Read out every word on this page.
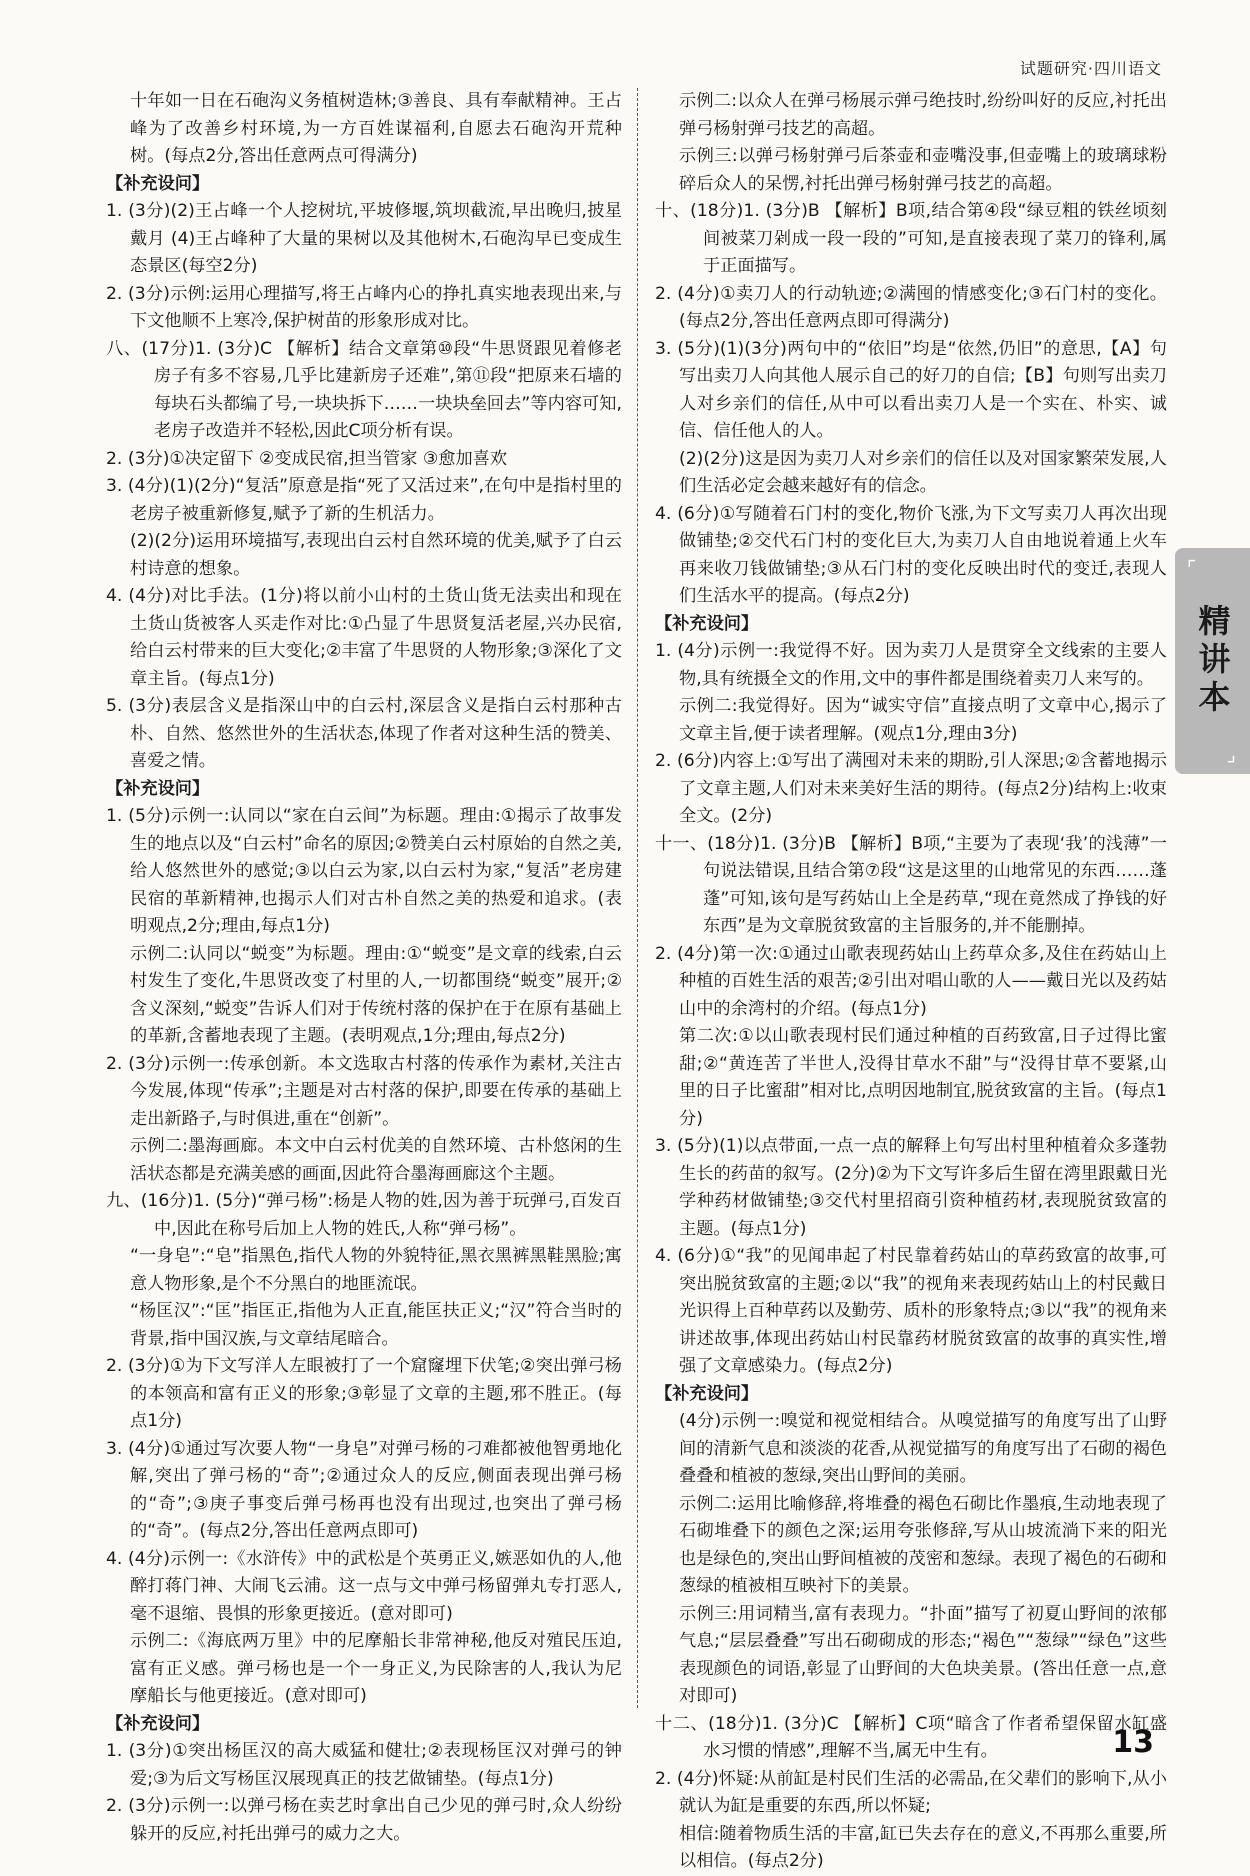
试题研究·四川语文

十年如一日在石砲沟义务植树造林;③善良、具有奉献精神。王占峰为了改善乡村环境,为一方百姓谋福利,自愿去石砲沟开荒种树。(每点2分,答出任意两点可得满分)

【补充设问】

1. (3分)(2)王占峰一个人挖树坑,平坡修堰,筑坝截流,早出晚归,披星戴月 (4)王占峰种了大量的果树以及其他树木,石砲沟早已变成生态景区(每空2分)

2. (3分)示例:运用心理描写,将王占峰内心的挣扎真实地表现出来,与下文他顺不上寒冷,保护树苗的形象形成对比。

八、(17分)1. (3分)C 【解析】结合文章第⑩段“牛思贤跟见着修老房子有多不容易,几乎比建新房子还难”,第⑪段“把原来石墙的每块石头都编了号,一块块拆下……一块块垒回去”等内容可知,老房子改造并不轻松,因此C项分析有误。

2. (3分)①决定留下 ②变成民宿,担当管家 ③愈加喜欢

3. (4分)(1)(2分)“复活”原意是指“死了又活过来”,在句中是指村里的老房子被重新修复,赋予了新的生机活力。

(2)(2分)运用环境描写,表现出白云村自然环境的优美,赋予了白云村诗意的想象。

4. (4分)对比手法。(1分)将以前小山村的土货山货无法卖出和现在土货山货被客人买走作对比:①凸显了牛思贤复活老屋,兴办民宿,给白云村带来的巨大变化;②丰富了牛思贤的人物形象;③深化了文章主旨。(每点1分)

5. (3分)表层含义是指深山中的白云村,深层含义是指白云村那种古朴、自然、悠然世外的生活状态,体现了作者对这种生活的赞美、喜爱之情。

【补充设问】

1. (5分)示例一:认同以“家在白云间”为标题。理由:①揭示了故事发生的地点以及“白云村”命名的原因;②赞美白云村原始的自然之美,给人悠然世外的感觉;③以白云为家,以白云村为家,“复活”老房建民宿的革新精神,也揭示人们对古朴自然之美的热爱和追求。(表明观点,2分;理由,每点1分)

示例二:认同以“蜕变”为标题。理由:①“蜕变”是文章的线索,白云村发生了变化,牛思贤改变了村里的人,一切都围绕“蜕变”展开;②含义深刻,“蜕变”告诉人们对于传统村落的保护在于在原有基础上的革新,含蓄地表现了主题。(表明观点,1分;理由,每点2分)

2. (3分)示例一:传承创新。本文选取古村落的传承作为素材,关注古今发展,体现“传承”;主题是对古村落的保护,即要在传承的基础上走出新路子,与时俱进,重在“创新”。

示例二:墨海画廊。本文中白云村优美的自然环境、古朴悠闲的生活状态都是充满美感的画面,因此符合墨海画廊这个主题。

九、(16分)1. (5分)“弹弓杨”:杨是人物的姓,因为善于玩弹弓,百发百中,因此在称号后加上人物的姓氏,人称“弹弓杨”。

“一身皂”:“皂”指黑色,指代人物的外貌特征,黑衣黑裤黑鞋黑脸;寓意人物形象,是个不分黑白的地匪流氓。

“杨匡汉”:“匡”指匡正,指他为人正直,能匡扶正义;“汉”符合当时的背景,指中国汉族,与文章结尾暗合。

2. (3分)①为下文写洋人左眼被打了一个窟窿埋下伏笔;②突出弹弓杨的本领高和富有正义的形象;③彰显了文章的主题,邪不胜正。(每点1分)

3. (4分)①通过写次要人物“一身皂”对弹弓杨的刁难都被他智勇地化解,突出了弹弓杨的“奇”;②通过众人的反应,侧面表现出弹弓杨的“奇”;③庚子事变后弹弓杨再也没有出现过,也突出了弹弓杨的“奇”。(每点2分,答出任意两点即可)

4. (4分)示例一:《水浒传》中的武松是个英勇正义,嫉恶如仇的人,他醉打蒋门神、大闹飞云浦。这一点与文中弹弓杨留弹丸专打恶人,毫不退缩、畏惧的形象更接近。(意对即可)

示例二:《海底两万里》中的尼摩船长非常神秘,他反对殖民压迫,富有正义感。弹弓杨也是一个一身正义,为民除害的人,我认为尼摩船长与他更接近。(意对即可)

【补充设问】

1. (3分)①突出杨匡汉的高大威猛和健壮;②表现杨匡汉对弹弓的钟爱;③为后文写杨匡汉展现真正的技艺做铺垫。(每点1分)

2. (3分)示例一:以弹弓杨在卖艺时拿出自己少见的弹弓时,众人纷纷躲开的反应,衬托出弹弓的威力之大。

示例二:以众人在弹弓杨展示弹弓绝技时,纷纷叫好的反应,衬托出弹弓杨射弹弓技艺的高超。

示例三:以弹弓杨射弹弓后茶壶和壶嘴没事,但壶嘴上的玻璃球粉碎后众人的呆愣,衬托出弹弓杨射弹弓技艺的高超。

十、(18分)1. (3分)B 【解析】B项,结合第④段“绿豆粗的铁丝顷刻间被菜刀剁成一段一段的”可知,是直接表现了菜刀的锋利,属于正面描写。

2. (4分)①卖刀人的行动轨迹;②满囤的情感变化;③石门村的变化。(每点2分,答出任意两点即可得满分)

3. (5分)(1)(3分)两句中的“依旧”均是“依然,仍旧”的意思,【A】句写出卖刀人向其他人展示自己的好刀的自信;【B】句则写出卖刀人对乡亲们的信任,从中可以看出卖刀人是一个实在、朴实、诚信、信任他人的人。

(2)(2分)这是因为卖刀人对乡亲们的信任以及对国家繁荣发展,人们生活必定会越来越好有的信念。

4. (6分)①写随着石门村的变化,物价飞涨,为下文写卖刀人再次出现做铺垫;②交代石门村的变化巨大,为卖刀人自由地说着通上火车再来收刀钱做铺垫;③从石门村的变化反映出时代的变迁,表现人们生活水平的提高。(每点2分)

【补充设问】

1. (4分)示例一:我觉得不好。因为卖刀人是贯穿全文线索的主要人物,具有统摄全文的作用,文中的事件都是围绕着卖刀人来写的。

示例二:我觉得好。因为“诚实守信”直接点明了文章中心,揭示了文章主旨,便于读者理解。(观点1分,理由3分)

2. (6分)内容上:①写出了满囤对未来的期盼,引人深思;②含蓄地揭示了文章主题,人们对未来美好生活的期待。(每点2分)结构上:收束全文。(2分)

十一、(18分)1. (3分)B 【解析】B项,“主要为了表现‘我’的浅薄”一句说法错误,且结合第⑦段“这是这里的山地常见的东西……蓬蓬”可知,该句是写药姑山上全是药草,“现在竟然成了挣钱的好东西”是为文章脱贫致富的主旨服务的,并不能删掉。

2. (4分)第一次:①通过山歌表现药姑山上药草众多,及住在药姑山上种植的百姓生活的艰苦;②引出对唱山歌的人——戴日光以及药姑山中的余湾村的介绍。(每点1分)

第二次:①以山歌表现村民们通过种植的百药致富,日子过得比蜜甜;②“黄连苦了半世人,没得甘草水不甜”与“没得甘草不要紧,山里的日子比蜜甜”相对比,点明因地制宜,脱贫致富的主旨。(每点1分)

3. (5分)(1)以点带面,一点一点的解释上句写出村里种植着众多蓬勃生长的药苗的叙写。(2分)②为下文写许多后生留在湾里跟戴日光学种药材做铺垫;③交代村里招商引资种植药材,表现脱贫致富的主题。(每点1分)

4. (6分)①“我”的见闻串起了村民靠着药姑山的草药致富的故事,可突出脱贫致富的主题;②以“我”的视角来表现药姑山上的村民戴日光识得上百种草药以及勤劳、质朴的形象特点;③以“我”的视角来讲述故事,体现出药姑山村民靠药材脱贫致富的故事的真实性,增强了文章感染力。(每点2分)

【补充设问】

(4分)示例一:嗅觉和视觉相结合。从嗅觉描写的角度写出了山野间的清新气息和淡淡的花香,从视觉描写的角度写出了石砌的褐色叠叠和植被的葱绿,突出山野间的美丽。

示例二:运用比喻修辞,将堆叠的褐色石砌比作墨痕,生动地表现了石砌堆叠下的颜色之深;运用夸张修辞,写从山坡流淌下来的阳光也是绿色的,突出山野间植被的茂密和葱绿。表现了褐色的石砌和葱绿的植被相互映衬下的美景。

示例三:用词精当,富有表现力。“扑面”描写了初夏山野间的浓郁气息;“层层叠叠”写出石砌砌成的形态;“褐色”“葱绿”“绿色”这些表现颜色的词语,彰显了山野间的大色块美景。(答出任意一点,意对即可)

十二、(18分)1. (3分)C 【解析】C项“暗含了作者希望保留水缸盛水习惯的情感”,理解不当,属无中生有。

2. (4分)怀疑:从前缸是村民们生活的必需品,在父辈们的影响下,从小就认为缸是重要的东西,所以怀疑;

相信:随着物质生活的丰富,缸已失去存在的意义,不再那么重要,所以相信。(每点2分)

⌜
精讲本
⌟
13
